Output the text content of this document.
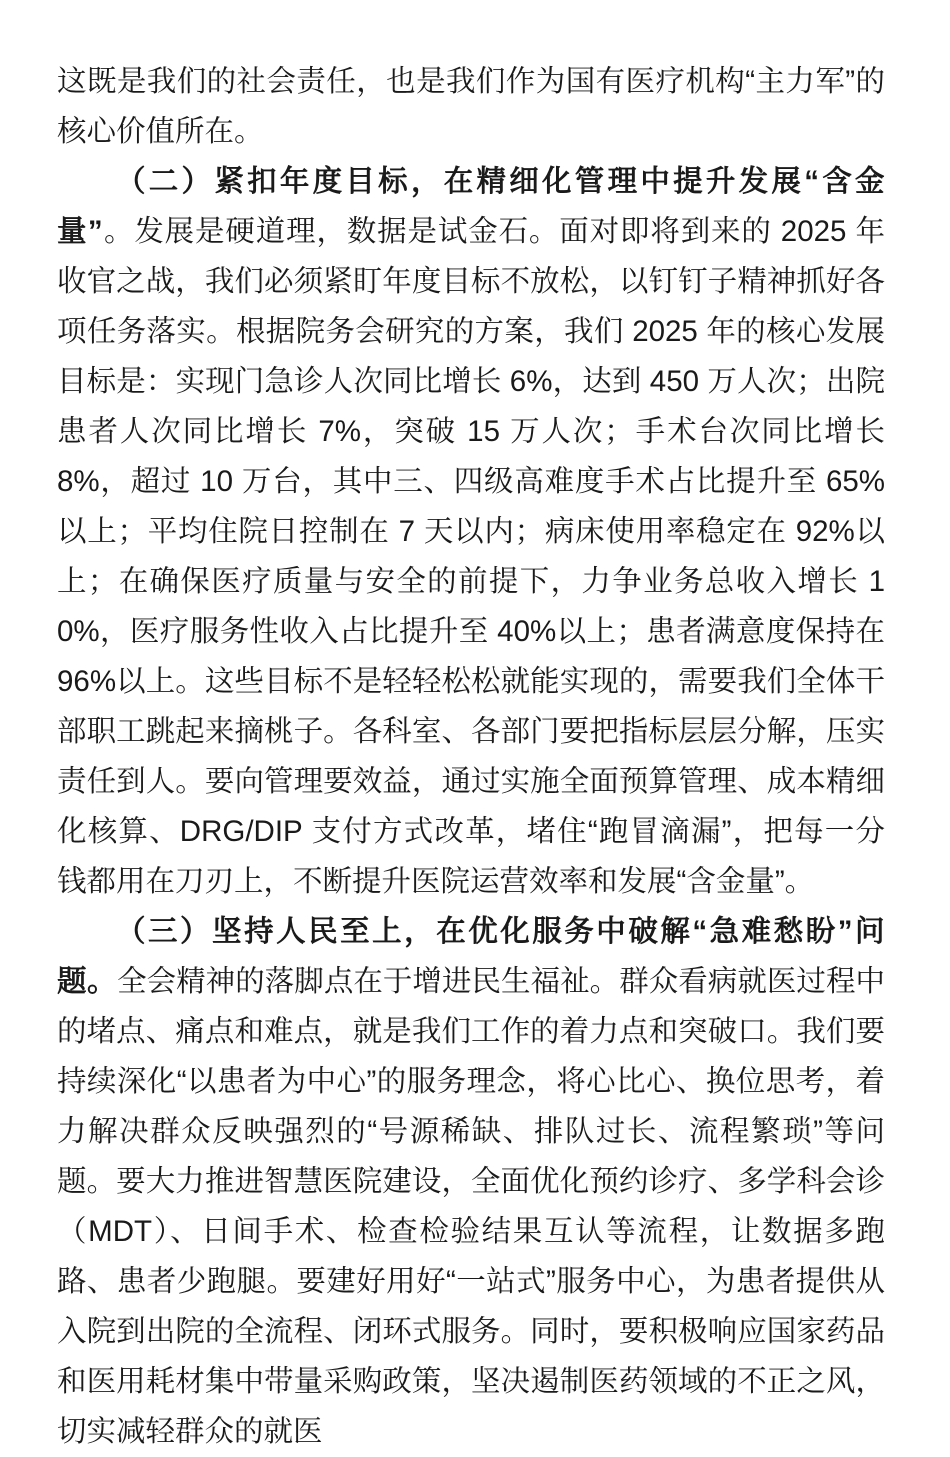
这既是我们的社会责任，也是我们作为国有医疗机构“主力军”的核心价值所在。

（二）紧扣年度目标，在精细化管理中提升发展“含金量”。发展是硬道理，数据是试金石。面对即将到来的 2025 年收官之战，我们必须紧盯年度目标不放松，以钉钉子精神抓好各项任务落实。根据院务会研究的方案，我们 2025 年的核心发展目标是：实现门急诊人次同比增长 6%，达到 450 万人次；出院患者人次同比增长 7%，突破 15 万人次；手术台次同比增长 8%，超过 10 万台，其中三、四级高难度手术占比提升至 65%以上；平均住院日控制在 7 天以内；病床使用率稳定在 92%以上；在确保医疗质量与安全的前提下，力争业务总收入增长 10%，医疗服务性收入占比提升至 40%以上；患者满意度保持在 96%以上。这些目标不是轻轻松松就能实现的，需要我们全体干部职工跳起来摘桃子。各科室、各部门要把指标层层分解，压实责任到人。要向管理要效益，通过实施全面预算管理、成本精细化核算、DRG/DIP 支付方式改革，堵住“跑冒滴漏”，把每一分钱都用在刀刃上，不断提升医院运营效率和发展“含金量”。

（三）坚持人民至上，在优化服务中破解“急难愁盼”问题。全会精神的落脚点在于增进民生福祉。群众看病就医过程中的堵点、痛点和难点，就是我们工作的着力点和突破口。我们要持续深化“以患者为中心”的服务理念，将心比心、换位思考，着力解决群众反映强烈的“号源稀缺、排队过长、流程繁琐”等问题。要大力推进智慧医院建设，全面优化预约诊疗、多学科会诊（MDT）、日间手术、检查检验结果互认等流程，让数据多跑路、患者少跑腿。要建好用好“一站式”服务中心，为患者提供从入院到出院的全流程、闭环式服务。同时，要积极响应国家药品和医用耗材集中带量采购政策，坚决遏制医药领域的不正之风，切实减轻群众的就医
